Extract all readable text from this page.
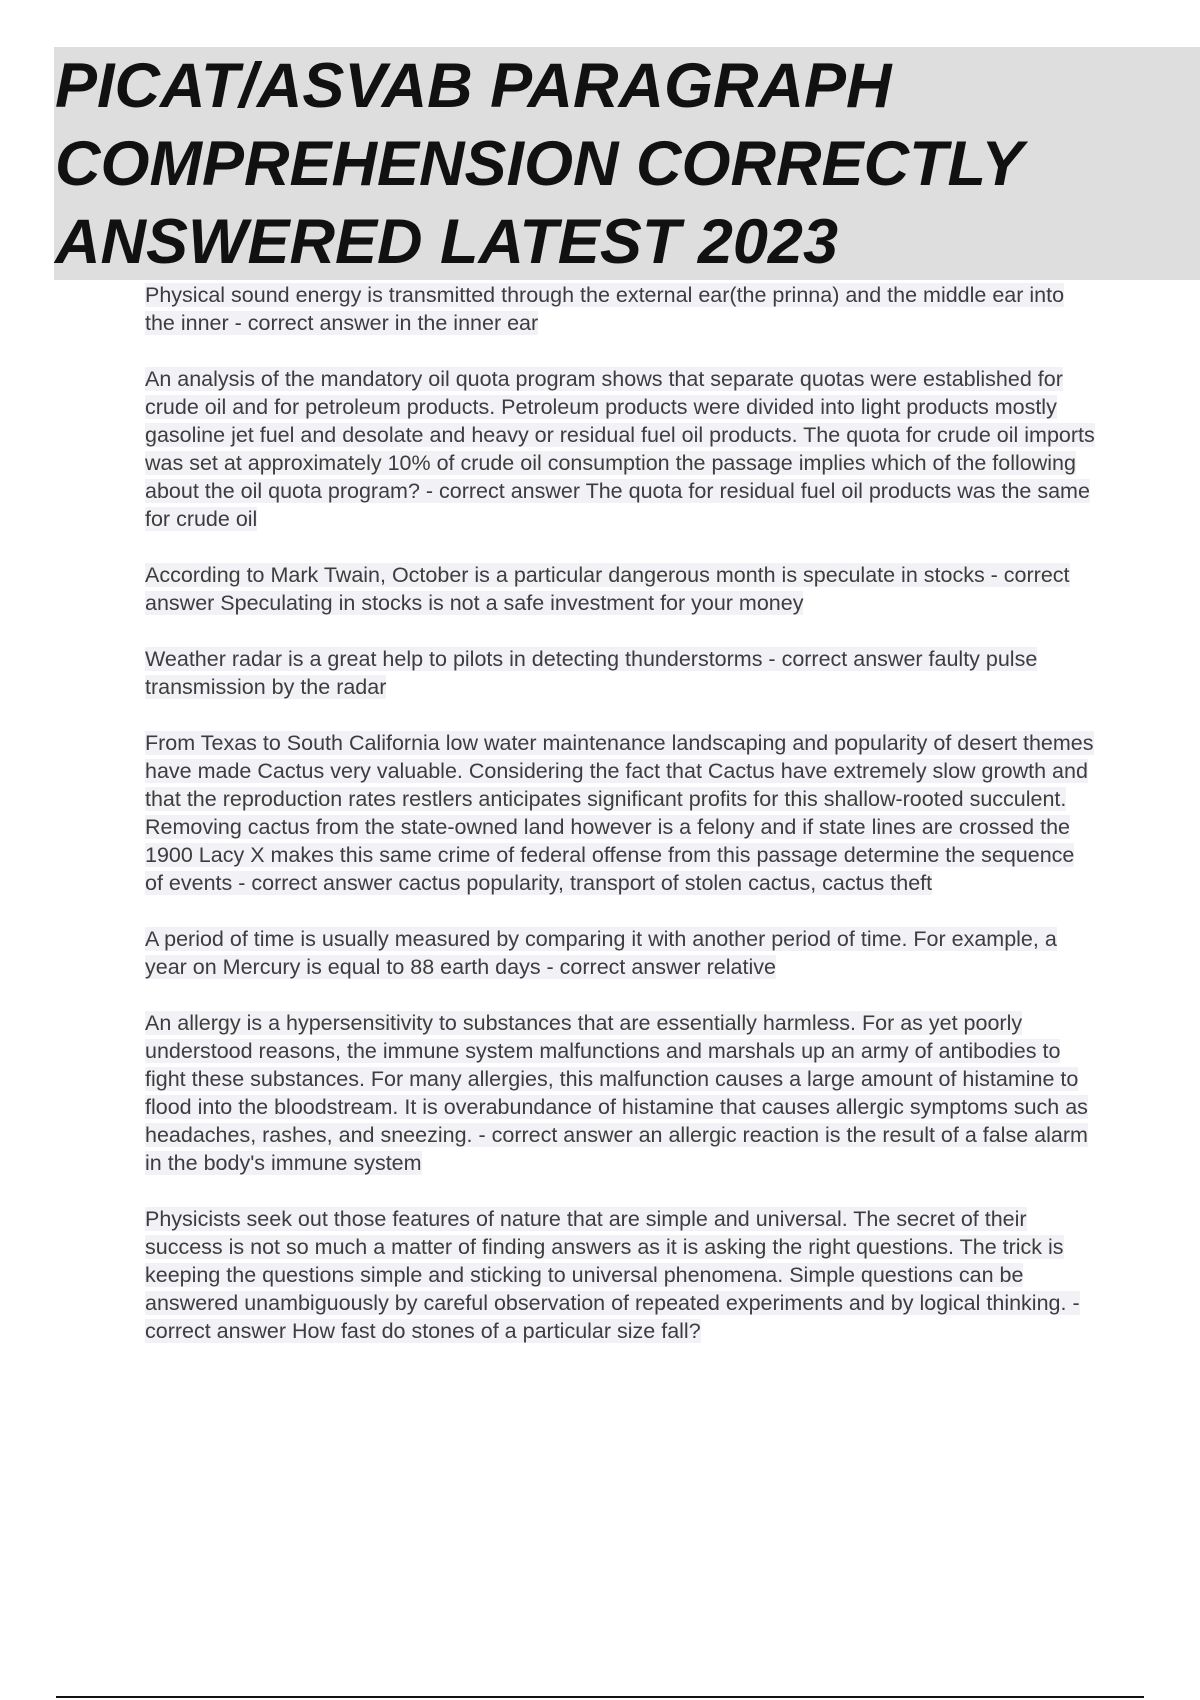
PICAT/ASVAB PARAGRAPH COMPREHENSION CORRECTLY ANSWERED LATEST 2023

Physical sound energy is transmitted through the external ear(the prinna) and the middle ear into the inner - correct answer in the inner ear

An analysis of the mandatory oil quota program shows that separate quotas were established for crude oil and for petroleum products. Petroleum products were divided into light products mostly gasoline jet fuel and desolate and heavy or residual fuel oil products. The quota for crude oil imports was set at approximately 10% of crude oil consumption the passage implies which of the following about the oil quota program? - correct answer The quota for residual fuel oil products was the same for crude oil

According to Mark Twain, October is a particular dangerous month is speculate in stocks - correct answer Speculating in stocks is not a safe investment for your money

Weather radar is a great help to pilots in detecting thunderstorms - correct answer faulty pulse transmission by the radar

From Texas to South California low water maintenance landscaping and popularity of desert themes have made Cactus very valuable. Considering the fact that Cactus have extremely slow growth and that the reproduction rates restlers anticipates significant profits for this shallow-rooted succulent. Removing cactus from the state-owned land however is a felony and if state lines are crossed the 1900 Lacy X makes this same crime of federal offense from this passage determine the sequence of events - correct answer cactus popularity, transport of stolen cactus, cactus theft

A period of time is usually measured by comparing it with another period of time. For example, a year on Mercury is equal to 88 earth days - correct answer relative

An allergy is a hypersensitivity to substances that are essentially harmless. For as yet poorly understood reasons, the immune system malfunctions and marshals up an army of antibodies to fight these substances. For many allergies, this malfunction causes a large amount of histamine to flood into the bloodstream. It is overabundance of histamine that causes allergic symptoms such as headaches, rashes, and sneezing. - correct answer an allergic reaction is the result of a false alarm in the body's immune system

Physicists seek out those features of nature that are simple and universal. The secret of their success is not so much a matter of finding answers as it is asking the right questions. The trick is keeping the questions simple and sticking to universal phenomena. Simple questions can be answered unambiguously by careful observation of repeated experiments and by logical thinking. - correct answer How fast do stones of a particular size fall?
